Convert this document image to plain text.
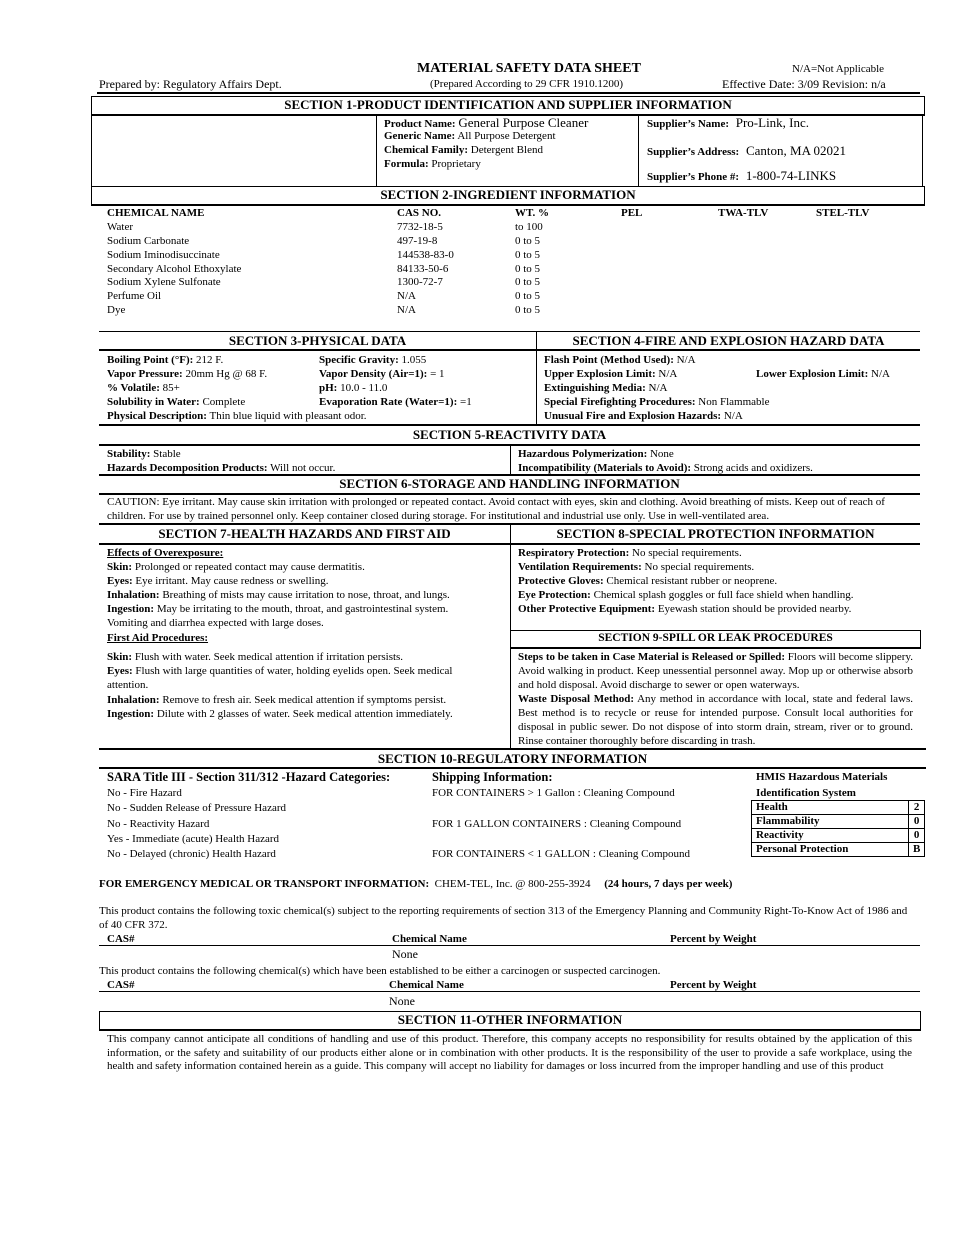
MATERIAL SAFETY DATA SHEET
(Prepared According to 29 CFR 1910.1200)
Prepared by: Regulatory Affairs Dept.
N/A=Not Applicable
Effective Date: 3/09 Revision: n/a
SECTION 1-PRODUCT IDENTIFICATION AND SUPPLIER INFORMATION
Product Name: General Purpose Cleaner
Generic Name: All Purpose Detergent
Chemical Family: Detergent Blend
Formula: Proprietary
Supplier’s Name: Pro-Link, Inc.
Supplier’s Address: Canton, MA 02021
Supplier’s Phone #: 1-800-74-LINKS
SECTION 2-INGREDIENT INFORMATION
CHEMICAL NAME	CAS NO.	WT. %	PEL	TWA-TLV	STEL-TLV
Water	7732-18-5	to 100
Sodium Carbonate	497-19-8	0 to 5
Sodium Iminodisuccinate	144538-83-0	0 to 5
Secondary Alcohol Ethoxylate	84133-50-6	0 to 5
Sodium Xylene Sulfonate	1300-72-7	0 to 5
Perfume Oil	N/A	0 to 5
Dye	N/A	0 to 5
SECTION 3-PHYSICAL DATA	SECTION 4-FIRE AND EXPLOSION HAZARD DATA
Boiling Point (°F): 212 F.	Specific Gravity: 1.055
Vapor Pressure: 20mm Hg @ 68 F.	Vapor Density (Air=1): = 1
% Volatile: 85+	pH: 10.0 - 11.0
Solubility in Water: Complete	Evaporation Rate (Water=1): =1
Physical Description: Thin blue liquid with pleasant odor.
Flash Point (Method Used): N/A
Upper Explosion Limit: N/A	Lower Explosion Limit: N/A
Extinguishing Media: N/A
Special Firefighting Procedures: Non Flammable
Unusual Fire and Explosion Hazards: N/A
SECTION 5-REACTIVITY DATA
Stability: Stable
Hazards Decomposition Products: Will not occur.
Hazardous Polymerization: None
Incompatibility (Materials to Avoid): Strong acids and oxidizers.
SECTION 6-STORAGE AND HANDLING INFORMATION
CAUTION: Eye irritant. May cause skin irritation with prolonged or repeated contact. Avoid contact with eyes, skin and clothing. Avoid breathing of mists. Keep out of reach of children. For use by trained personnel only. Keep container closed during storage. For institutional and industrial use only. Use in well-ventilated area.
SECTION 7-HEALTH HAZARDS AND FIRST AID	SECTION 8-SPECIAL PROTECTION INFORMATION
Effects of Overexposure:
Skin: Prolonged or repeated contact may cause dermatitis.
Eyes: Eye irritant. May cause redness or swelling.
Inhalation: Breathing of mists may cause irritation to nose, throat, and lungs.
Ingestion: May be irritating to the mouth, throat, and gastrointestinal system.
Vomiting and diarrhea expected with large doses.
First Aid Procedures:
Skin: Flush with water. Seek medical attention if irritation persists.
Eyes: Flush with large quantities of water, holding eyelids open. Seek medical attention.
Inhalation: Remove to fresh air. Seek medical attention if symptoms persist.
Ingestion: Dilute with 2 glasses of water. Seek medical attention immediately.
Respiratory Protection: No special requirements.
Ventilation Requirements: No special requirements.
Protective Gloves: Chemical resistant rubber or neoprene.
Eye Protection: Chemical splash goggles or full face shield when handling.
Other Protective Equipment: Eyewash station should be provided nearby.
SECTION 9-SPILL OR LEAK PROCEDURES
Steps to be taken in Case Material is Released or Spilled: Floors will become slippery. Avoid walking in product. Keep unessential personnel away. Mop up or otherwise absorb and hold disposal. Avoid discharge to sewer or open waterways.
Waste Disposal Method: Any method in accordance with local, state and federal laws. Best method is to recycle or reuse for intended purpose. Consult local authorities for disposal in public sewer. Do not dispose of into storm drain, stream, river or to ground. Rinse container thoroughly before discarding in trash.
SECTION 10-REGULATORY INFORMATION
SARA Title III - Section 311/312 -Hazard Categories:
No - Fire Hazard
No - Sudden Release of Pressure Hazard
No - Reactivity Hazard
Yes - Immediate (acute) Health Hazard
No - Delayed (chronic) Health Hazard
Shipping Information:
FOR CONTAINERS > 1 Gallon : Cleaning Compound
FOR 1 GALLON CONTAINERS : Cleaning Compound
FOR CONTAINERS < 1 GALLON : Cleaning Compound
HMIS Hazardous Materials
Identification System
Health	2
Flammability	0
Reactivity	0
Personal Protection	B
FOR EMERGENCY MEDICAL OR TRANSPORT INFORMATION: CHEM-TEL, Inc. @ 800-255-3924 (24 hours, 7 days per week)
This product contains the following toxic chemical(s) subject to the reporting requirements of section 313 of the Emergency Planning and Community Right-To-Know Act of 1986 and of 40 CFR 372.
CAS#	Chemical Name	Percent by Weight
None
This product contains the following chemical(s) which have been established to be either a carcinogen or suspected carcinogen.
CAS#	Chemical Name	Percent by Weight
None
SECTION 11-OTHER INFORMATION
This company cannot anticipate all conditions of handling and use of this product. Therefore, this company accepts no responsibility for results obtained by the application of this information, or the safety and suitability of our products either alone or in combination with other products. It is the responsibility of the user to provide a safe workplace, using the health and safety information contained herein as a guide. This company will accept no liability for damages or loss incurred from the improper handling and use of this product
